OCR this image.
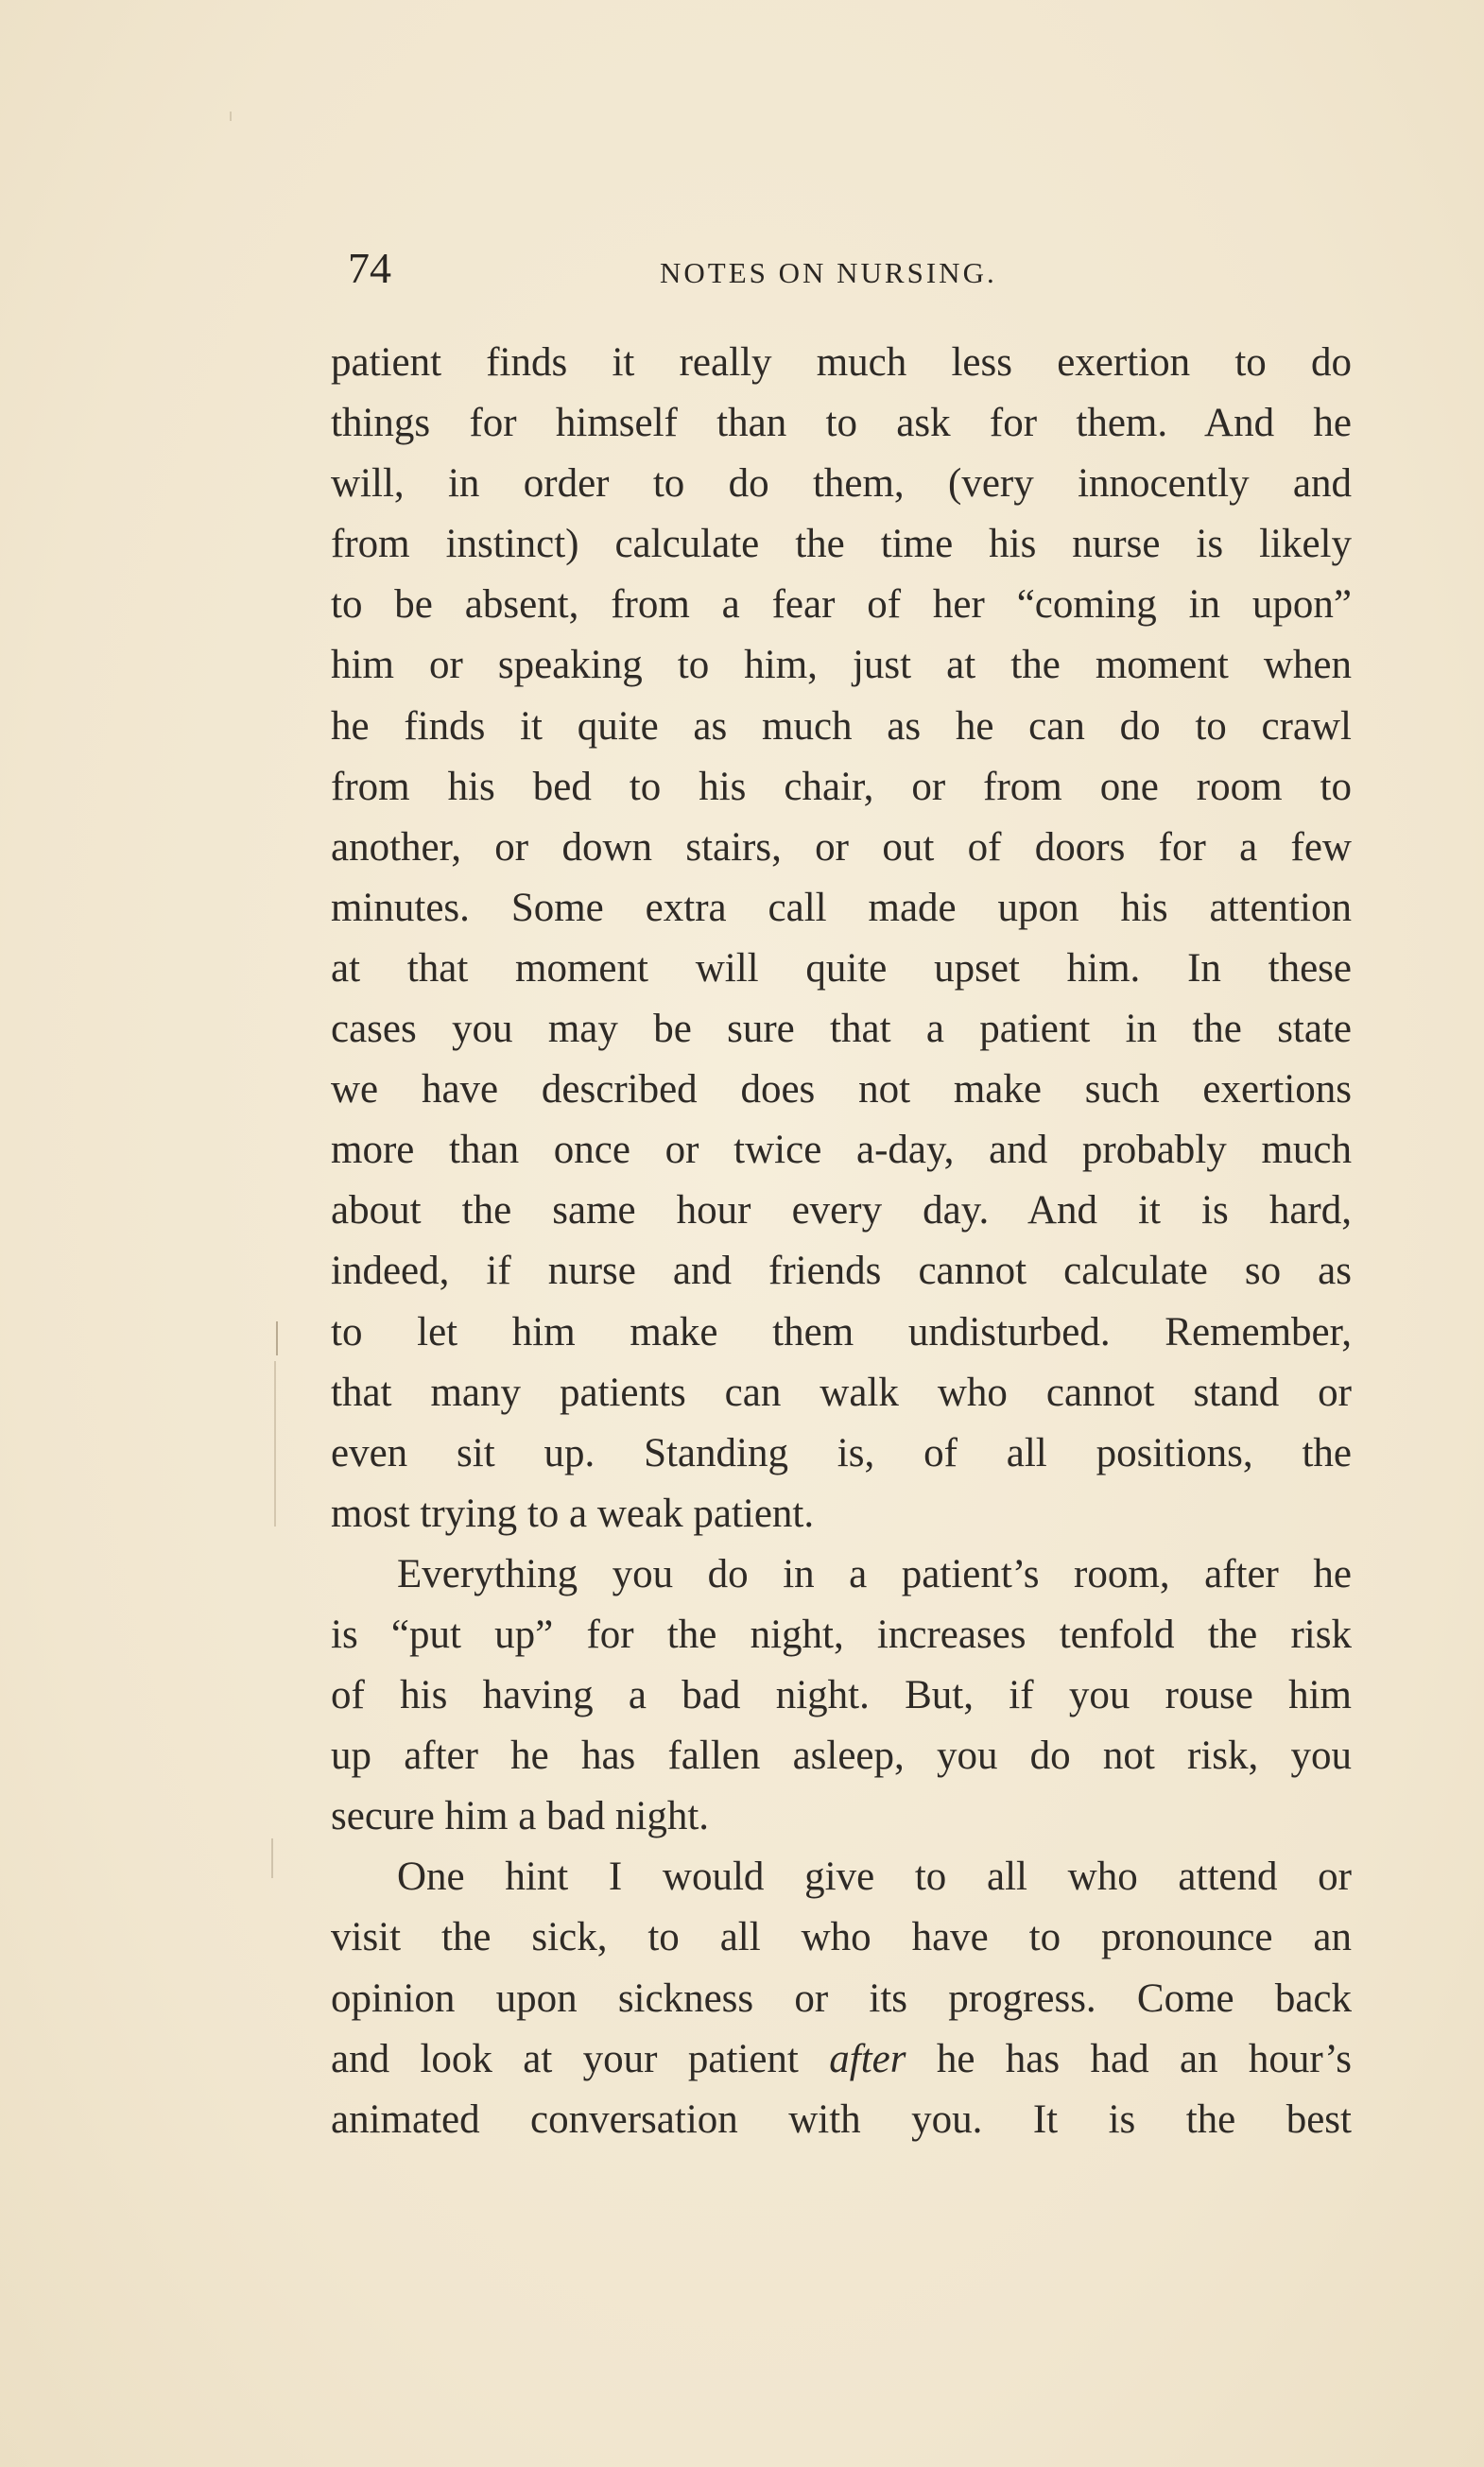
74	NOTES ON NURSING.
patient finds it really much less exertion to do
things for himself than to ask for them. And he
will, in order to do them, (very innocently and
from instinct) calculate the time his nurse is likely
to be absent, from a fear of her “coming in upon”
him or speaking to him, just at the moment when
he finds it quite as much as he can do to crawl
from his bed to his chair, or from one room to
another, or down stairs, or out of doors for a few
minutes. Some extra call made upon his attention
at that moment will quite upset him. In these
cases you may be sure that a patient in the state
we have described does not make such exertions
more than once or twice a-day, and probably much
about the same hour every day. And it is hard,
indeed, if nurse and friends cannot calculate so as
to let him make them undisturbed. Remember,
that many patients can walk who cannot stand or
even sit up. Standing is, of all positions, the
most trying to a weak patient.
Everything you do in a patient’s room, after he
is “put up” for the night, increases tenfold the risk
of his having a bad night. But, if you rouse him
up after he has fallen asleep, you do not risk, you
secure him a bad night.
One hint I would give to all who attend or
visit the sick, to all who have to pronounce an
opinion upon sickness or its progress. Come back
and look at your patient after he has had an hour’s
animated conversation with you. It is the best
